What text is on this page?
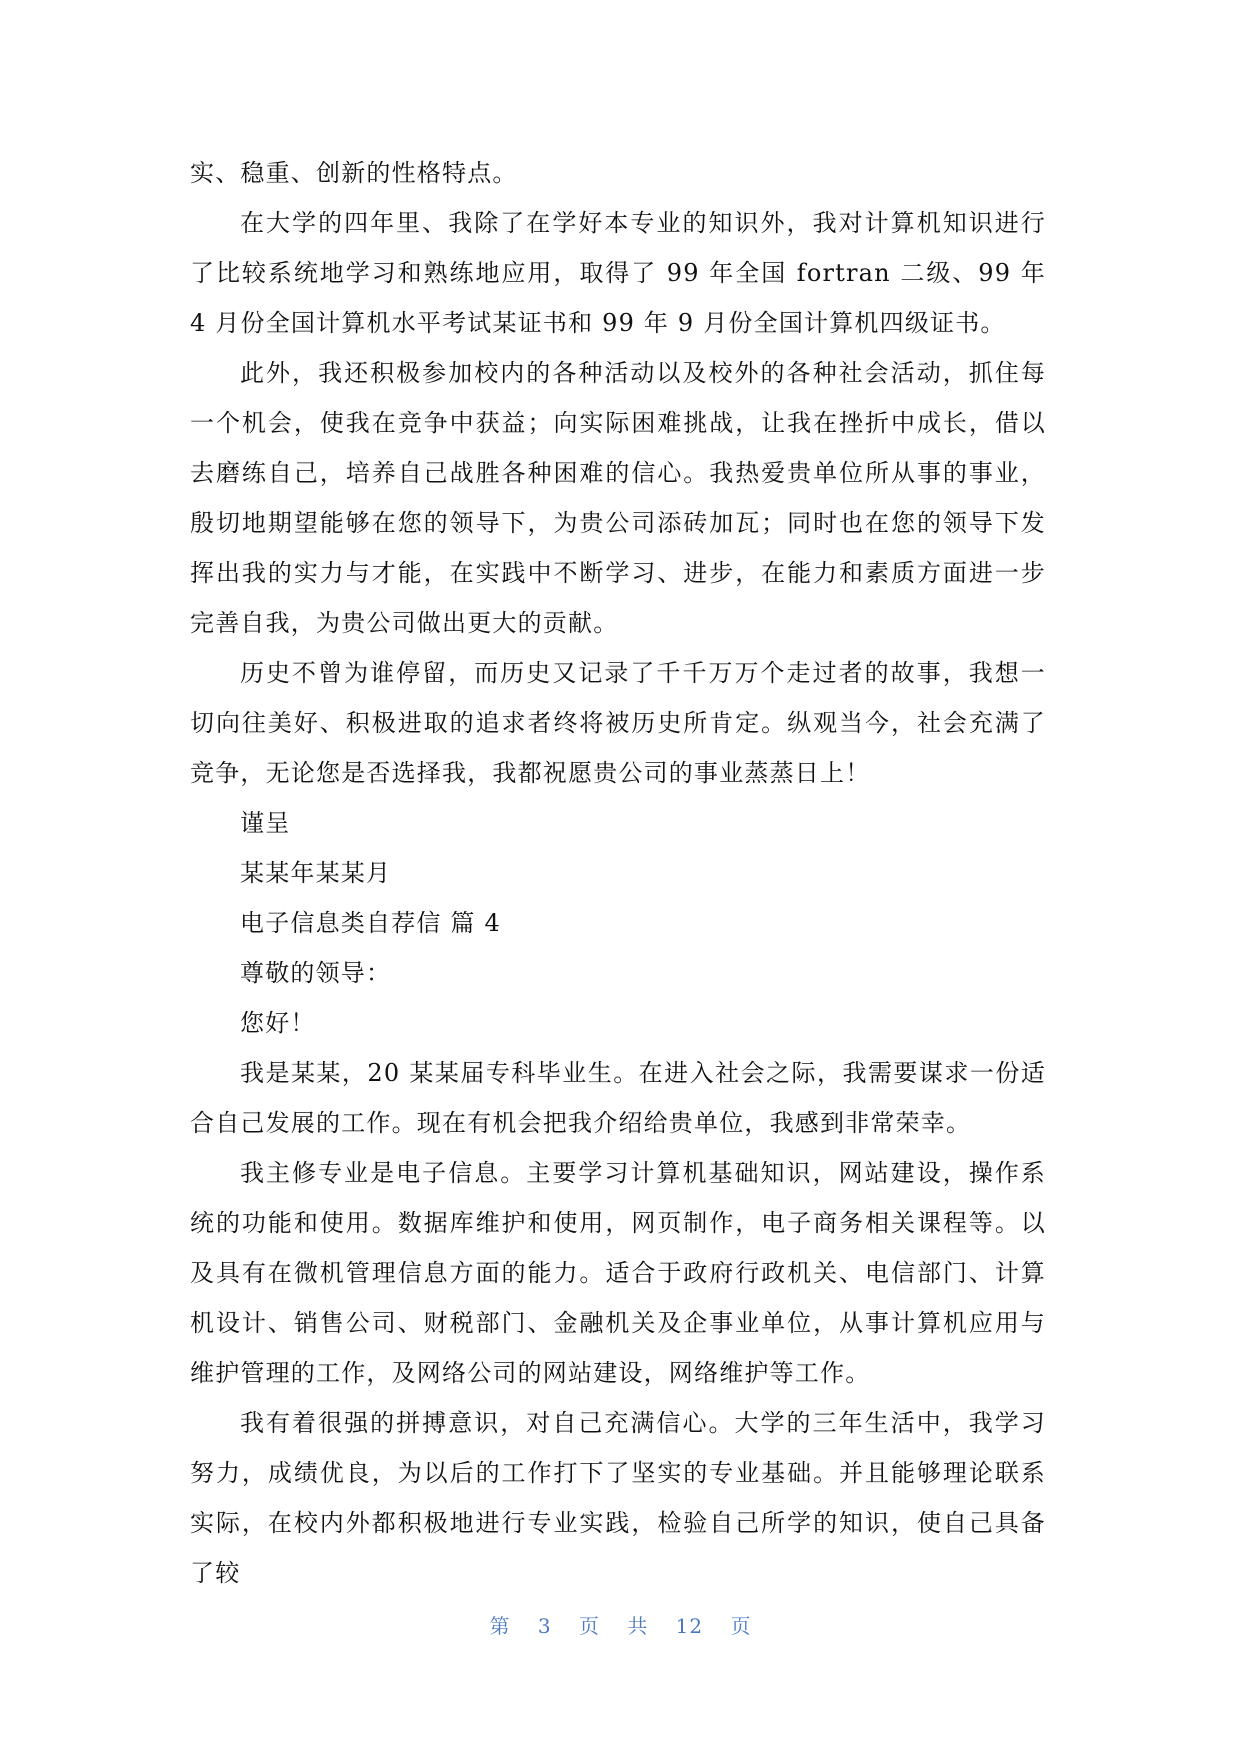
实、稳重、创新的性格特点。

在大学的四年里、我除了在学好本专业的知识外，我对计算机知识进行了比较系统地学习和熟练地应用，取得了 99 年全国 fortran 二级、99 年 4 月份全国计算机水平考试某证书和 99 年 9 月份全国计算机四级证书。

此外，我还积极参加校内的各种活动以及校外的各种社会活动，抓住每一个机会，使我在竞争中获益；向实际困难挑战，让我在挫折中成长，借以去磨练自己，培养自己战胜各种困难的信心。我热爱贵单位所从事的事业，殷切地期望能够在您的领导下，为贵公司添砖加瓦；同时也在您的领导下发挥出我的实力与才能，在实践中不断学习、进步，在能力和素质方面进一步完善自我，为贵公司做出更大的贡献。

历史不曾为谁停留，而历史又记录了千千万万个走过者的故事，我想一切向往美好、积极进取的追求者终将被历史所肯定。纵观当今，社会充满了竞争，无论您是否选择我，我都祝愿贵公司的事业蒸蒸日上！

谨呈

某某年某某月

电子信息类自荐信 篇 4

尊敬的领导：

您好！

我是某某，20 某某届专科毕业生。在进入社会之际，我需要谋求一份适合自己发展的工作。现在有机会把我介绍给贵单位，我感到非常荣幸。

我主修专业是电子信息。主要学习计算机基础知识，网站建设，操作系统的功能和使用。数据库维护和使用，网页制作，电子商务相关课程等。以及具有在微机管理信息方面的能力。适合于政府行政机关、电信部门、计算机设计、销售公司、财税部门、金融机关及企事业单位，从事计算机应用与维护管理的工作，及网络公司的网站建设，网络维护等工作。

我有着很强的拼搏意识，对自己充满信心。大学的三年生活中，我学习努力，成绩优良，为以后的工作打下了坚实的专业基础。并且能够理论联系实际，在校内外都积极地进行专业实践，检验自己所学的知识，使自己具备了较

第 3 页 共 12 页
